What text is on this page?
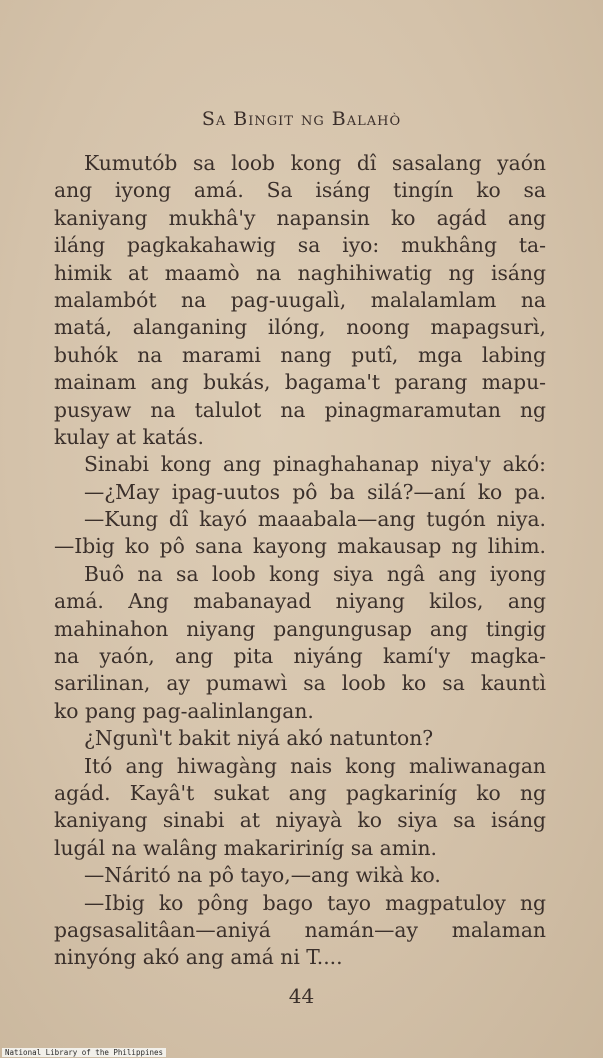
Sa Bingit ng Balahò
Kumutób sa loob kong dî sasalang yaón
ang iyong amá. Sa isáng tingín ko sa
kaniyang mukhâ'y napansin ko agád ang
iláng pagkakahawig sa iyo: mukhâng ta-
himik at maamò na naghihiwatig ng isáng
malambót na pag-uugalì, malalamlam na
matá, alanganing ilóng, noong mapagsurì,
buhók na marami nang putî, mga labing
mainam ang bukás, bagama't parang mapu-
pusyaw na talulot na pinagmaramutan ng
kulay at katás.
Sinabi kong ang pinaghahanap niya'y akó:
—¿May ipag-uutos pô ba silá?—aní ko pa.
—Kung dî kayó maaabala—ang tugón niya.
—Ibig ko pô sana kayong makausap ng lihim.
Buô na sa loob kong siya ngâ ang iyong
amá. Ang mabanayad niyang kilos, ang
mahinahon niyang pangungusap ang tingig
na yaón, ang pita niyáng kamí'y magka-
sarilinan, ay pumawì sa loob ko sa kauntì
ko pang pag-aalinlangan.
¿Ngunì't bakit niyá akó natunton?
Itó ang hiwagàng nais kong maliwanagan
agád. Kayâ't sukat ang pagkariníg ko ng
kaniyang sinabi at niyayà ko siya sa isáng
lugál na walâng makaririníg sa amin.
—Náritó na pô tayo,—ang wikà ko.
—Ibig ko pông bago tayo magpatuloy ng
pagsasalitâan—aniyá namán—ay malaman
ninyóng akó ang amá ni T....
44
National Library of the Philippines
